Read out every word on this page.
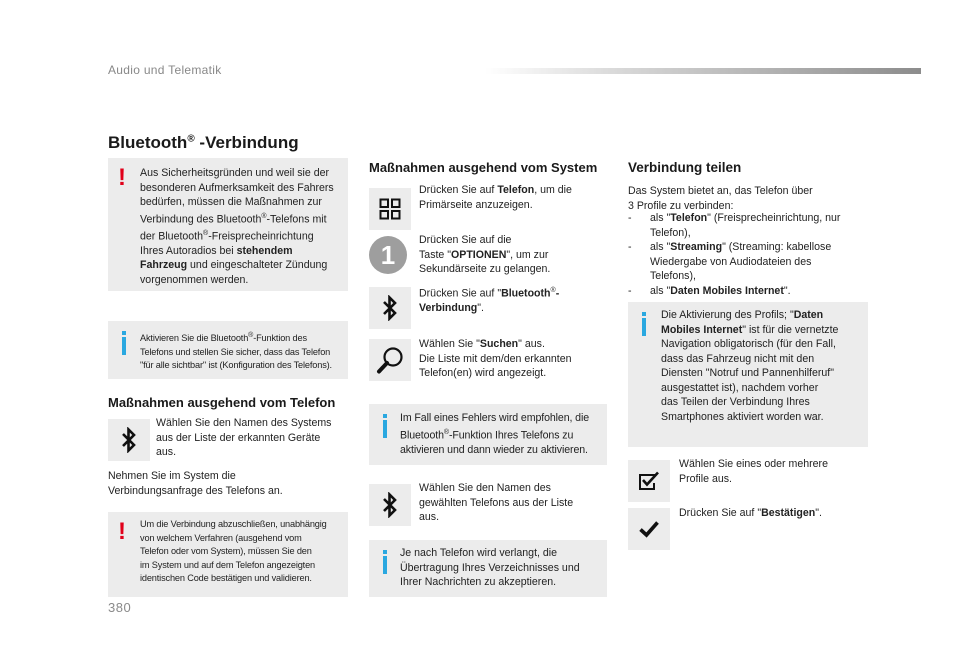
Audio und Telematik
Bluetooth® -Verbindung
! Aus Sicherheitsgründen und weil sie der
besonderen Aufmerksamkeit des Fahrers
bedürfen, müssen die Maßnahmen zur
Verbindung des Bluetooth®-Telefons mit
der Bluetooth®-Freisprecheinrichtung
Ihres Autoradios bei stehendem
Fahrzeug und eingeschalteter Zündung
vorgenommen werden.
Aktivieren Sie die Bluetooth®-Funktion des
Telefons und stellen Sie sicher, dass das Telefon
"für alle sichtbar" ist (Konfiguration des Telefons).
Maßnahmen ausgehend vom Telefon
Wählen Sie den Namen des Systems
aus der Liste der erkannten Geräte
aus.
Nehmen Sie im System die
Verbindungsanfrage des Telefons an.
! Um die Verbindung abzuschließen, unabhängig
von welchem Verfahren (ausgehend vom
Telefon oder vom System), müssen Sie den
im System und auf dem Telefon angezeigten
identischen Code bestätigen und validieren.
Maßnahmen ausgehend vom System
Drücken Sie auf Telefon, um die
Primärseite anzuzeigen.
1	Drücken Sie auf die
Taste "OPTIONEN", um zur
Sekundärseite zu gelangen.
Drücken Sie auf "Bluetooth®-
Verbindung".
Wählen Sie "Suchen" aus.
Die Liste mit dem/den erkannten
Telefon(en) wird angezeigt.
Im Fall eines Fehlers wird empfohlen, die
Bluetooth®-Funktion Ihres Telefons zu
aktivieren und dann wieder zu aktivieren.
Wählen Sie den Namen des
gewählten Telefons aus der Liste
aus.
Je nach Telefon wird verlangt, die
Übertragung Ihres Verzeichnisses und
Ihrer Nachrichten zu akzeptieren.
Verbindung teilen
Das System bietet an, das Telefon über
3 Profile zu verbinden:
- als "Telefon" (Freisprecheinrichtung, nur
Telefon),
- als "Streaming" (Streaming: kabellose
Wiedergabe von Audiodateien des
Telefons),
- als "Daten Mobiles Internet".
Die Aktivierung des Profils; "Daten
Mobiles Internet" ist für die vernetzte
Navigation obligatorisch (für den Fall,
dass das Fahrzeug nicht mit den
Diensten "Notruf und Pannenhilferuf"
ausgestattet ist), nachdem vorher
das Teilen der Verbindung Ihres
Smartphones aktiviert worden war.
Wählen Sie eines oder mehrere
Profile aus.
Drücken Sie auf "Bestätigen".
380
